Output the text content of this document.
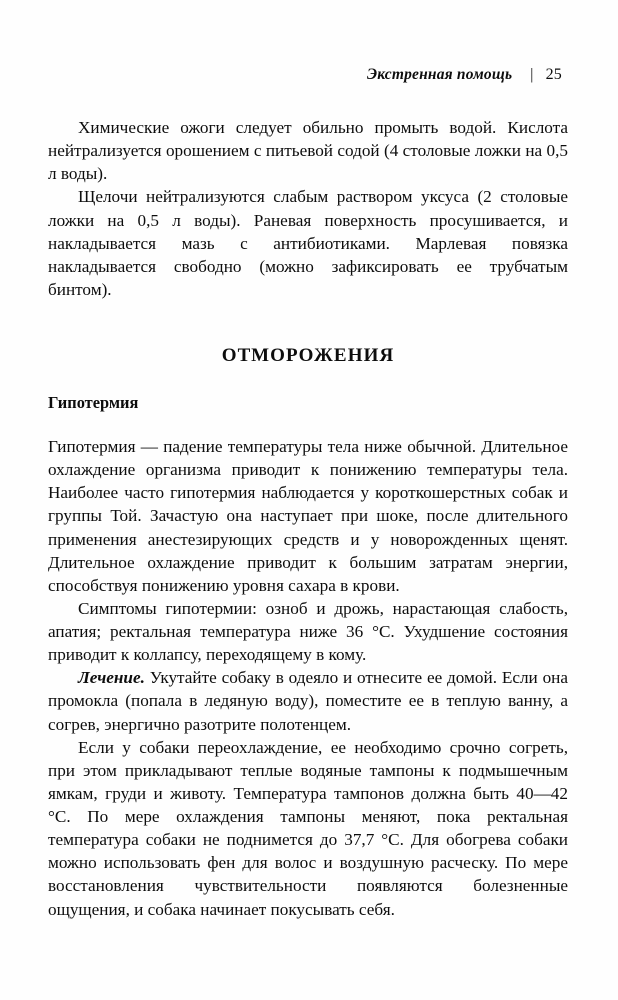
Экстренная помощь | 25

Химические ожоги следует обильно промыть водой. Кислота нейтрализуется орошением с питьевой содой (4 столовые ложки на 0,5 л воды).

Щелочи нейтрализуются слабым раствором уксуса (2 столовые ложки на 0,5 л воды). Раневая поверхность просушивается, и накладывается мазь с антибиотиками. Марлевая повязка накладывается свободно (можно зафиксировать ее трубчатым бинтом).

ОТМОРОЖЕНИЯ
Гипотермия

Гипотермия — падение температуры тела ниже обычной. Длительное охлаждение организма приводит к понижению температуры тела. Наиболее часто гипотермия наблюдается у короткошерстных собак и группы Той. Зачастую она наступает при шоке, после длительного применения анестезирующих средств и у новорожденных щенят. Длительное охлаждение приводит к большим затратам энергии, способствуя понижению уровня сахара в крови.

Симптомы гипотермии: озноб и дрожь, нарастающая слабость, апатия; ректальная температура ниже 36 °С. Ухудшение состояния приводит к коллапсу, переходящему в кому.

Лечение. Укутайте собаку в одеяло и отнесите ее домой. Если она промокла (попала в ледяную воду), поместите ее в теплую ванну, а согрев, энергично разотрите полотенцем.

Если у собаки переохлаждение, ее необходимо срочно согреть, при этом прикладывают теплые водяные тампоны к подмышечным ямкам, груди и животу. Температура тампонов должна быть 40—42 °С. По мере охлаждения тампоны меняют, пока ректальная температура собаки не поднимется до 37,7 °С. Для обогрева собаки можно использовать фен для волос и воздушную расческу. По мере восстановления чувствительности появляются болезненные ощущения, и собака начинает покусывать себя.
